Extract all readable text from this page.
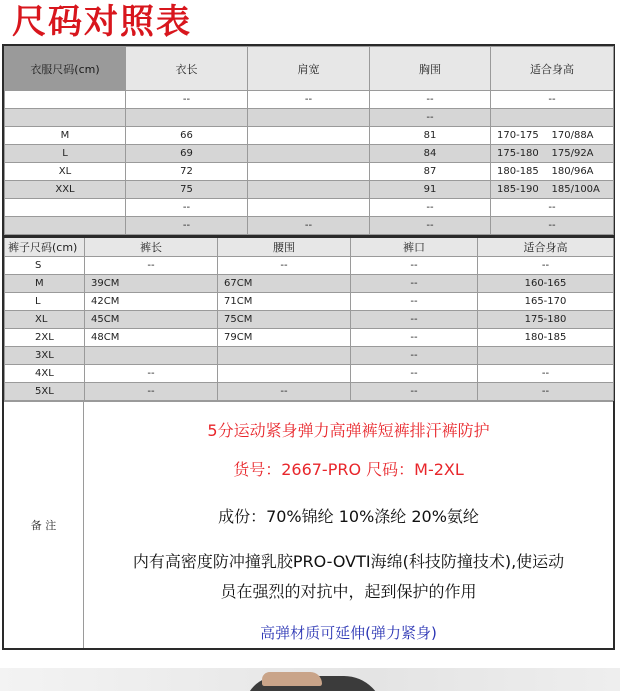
尺码对照表
衣服尺码(cm)	衣长	肩宽	胸围	适合身高
	--	--	--	--
			--	
M	66		81	170-175    170/88A
L	69		84	175-180    175/92A
XL	72		87	180-185    180/96A
XXL	75		91	185-190    185/100A
	--		--	--
	--	--	--	--
裤子尺码(cm)	裤长	腰围	裤口	适合身高
S	--	--	--	--
M	39CM	67CM	--	160-165
L	42CM	71CM	--	165-170
XL	45CM	75CM	--	175-180
2XL	48CM	79CM	--	180-185
3XL			--	
4XL	--		--	--
5XL	--	--	--	--
备 注
5分运动紧身弹力高弹裤短裤排汗裤防护
货号：2667-PRO 尺码：M-2XL
成份：70%锦纶 10%涤纶 20%氨纶
内有高密度防冲撞乳胶PRO-OVTI海绵(科技防撞技术),使运动
员在强烈的对抗中，起到保护的作用
高弹材质可延伸(弹力紧身)
